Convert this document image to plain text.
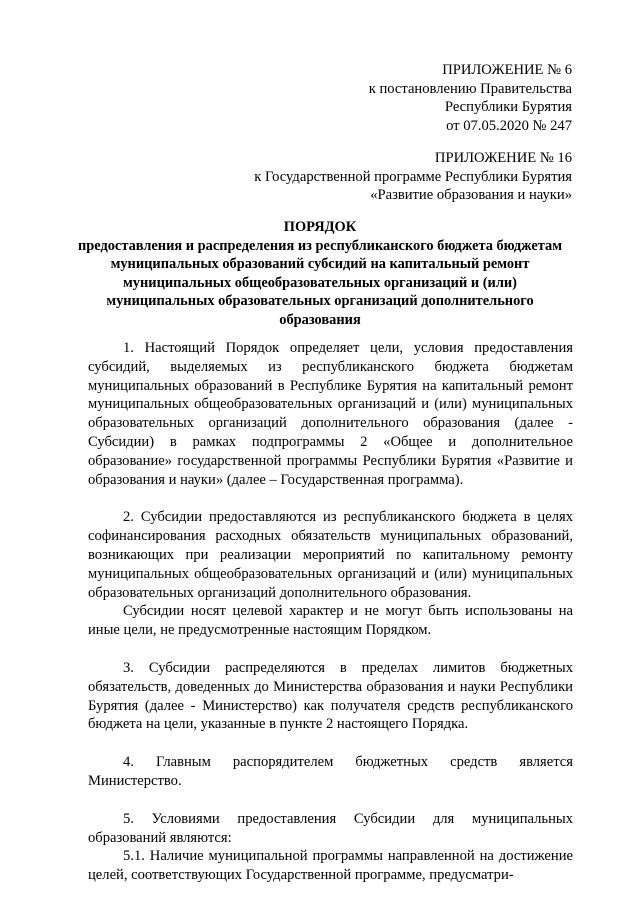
ПРИЛОЖЕНИЕ № 6
к постановлению Правительства
Республики Бурятия
от 07.05.2020 № 247
ПРИЛОЖЕНИЕ № 16
к Государственной программе Республики Бурятия
«Развитие образования и науки»
ПОРЯДОК
предоставления и распределения из республиканского бюджета бюджетам муниципальных образований субсидий на капитальный ремонт муниципальных общеобразовательных организаций и (или) муниципальных образовательных организаций дополнительного образования

1. Настоящий Порядок определяет цели, условия предоставления субсидий, выделяемых из республиканского бюджета бюджетам муниципальных образований в Республике Бурятия на капитальный ремонт муниципальных общеобразовательных организаций и (или) муниципальных образовательных организаций дополнительного образования (далее - Субсидии) в рамках подпрограммы 2 «Общее и дополнительное образование» государственной программы Республики Бурятия «Развитие и образования и науки» (далее – Государственная программа).

2. Субсидии предоставляются из республиканского бюджета в целях софинансирования расходных обязательств муниципальных образований, возникающих при реализации мероприятий по капитальному ремонту муниципальных общеобразовательных организаций и (или) муниципальных образовательных организаций дополнительного образования.

Субсидии носят целевой характер и не могут быть использованы на иные цели, не предусмотренные настоящим Порядком.

3. Субсидии распределяются в пределах лимитов бюджетных обязательств, доведенных до Министерства образования и науки Республики Бурятия (далее - Министерство) как получателя средств республиканского бюджета на цели, указанные в пункте 2 настоящего Порядка.

4. Главным распорядителем бюджетных средств является Министерство.

5. Условиями предоставления Субсидии для муниципальных образований являются:

5.1. Наличие муниципальной программы направленной на достижение целей, соответствующих Государственной программе, предусматри-
